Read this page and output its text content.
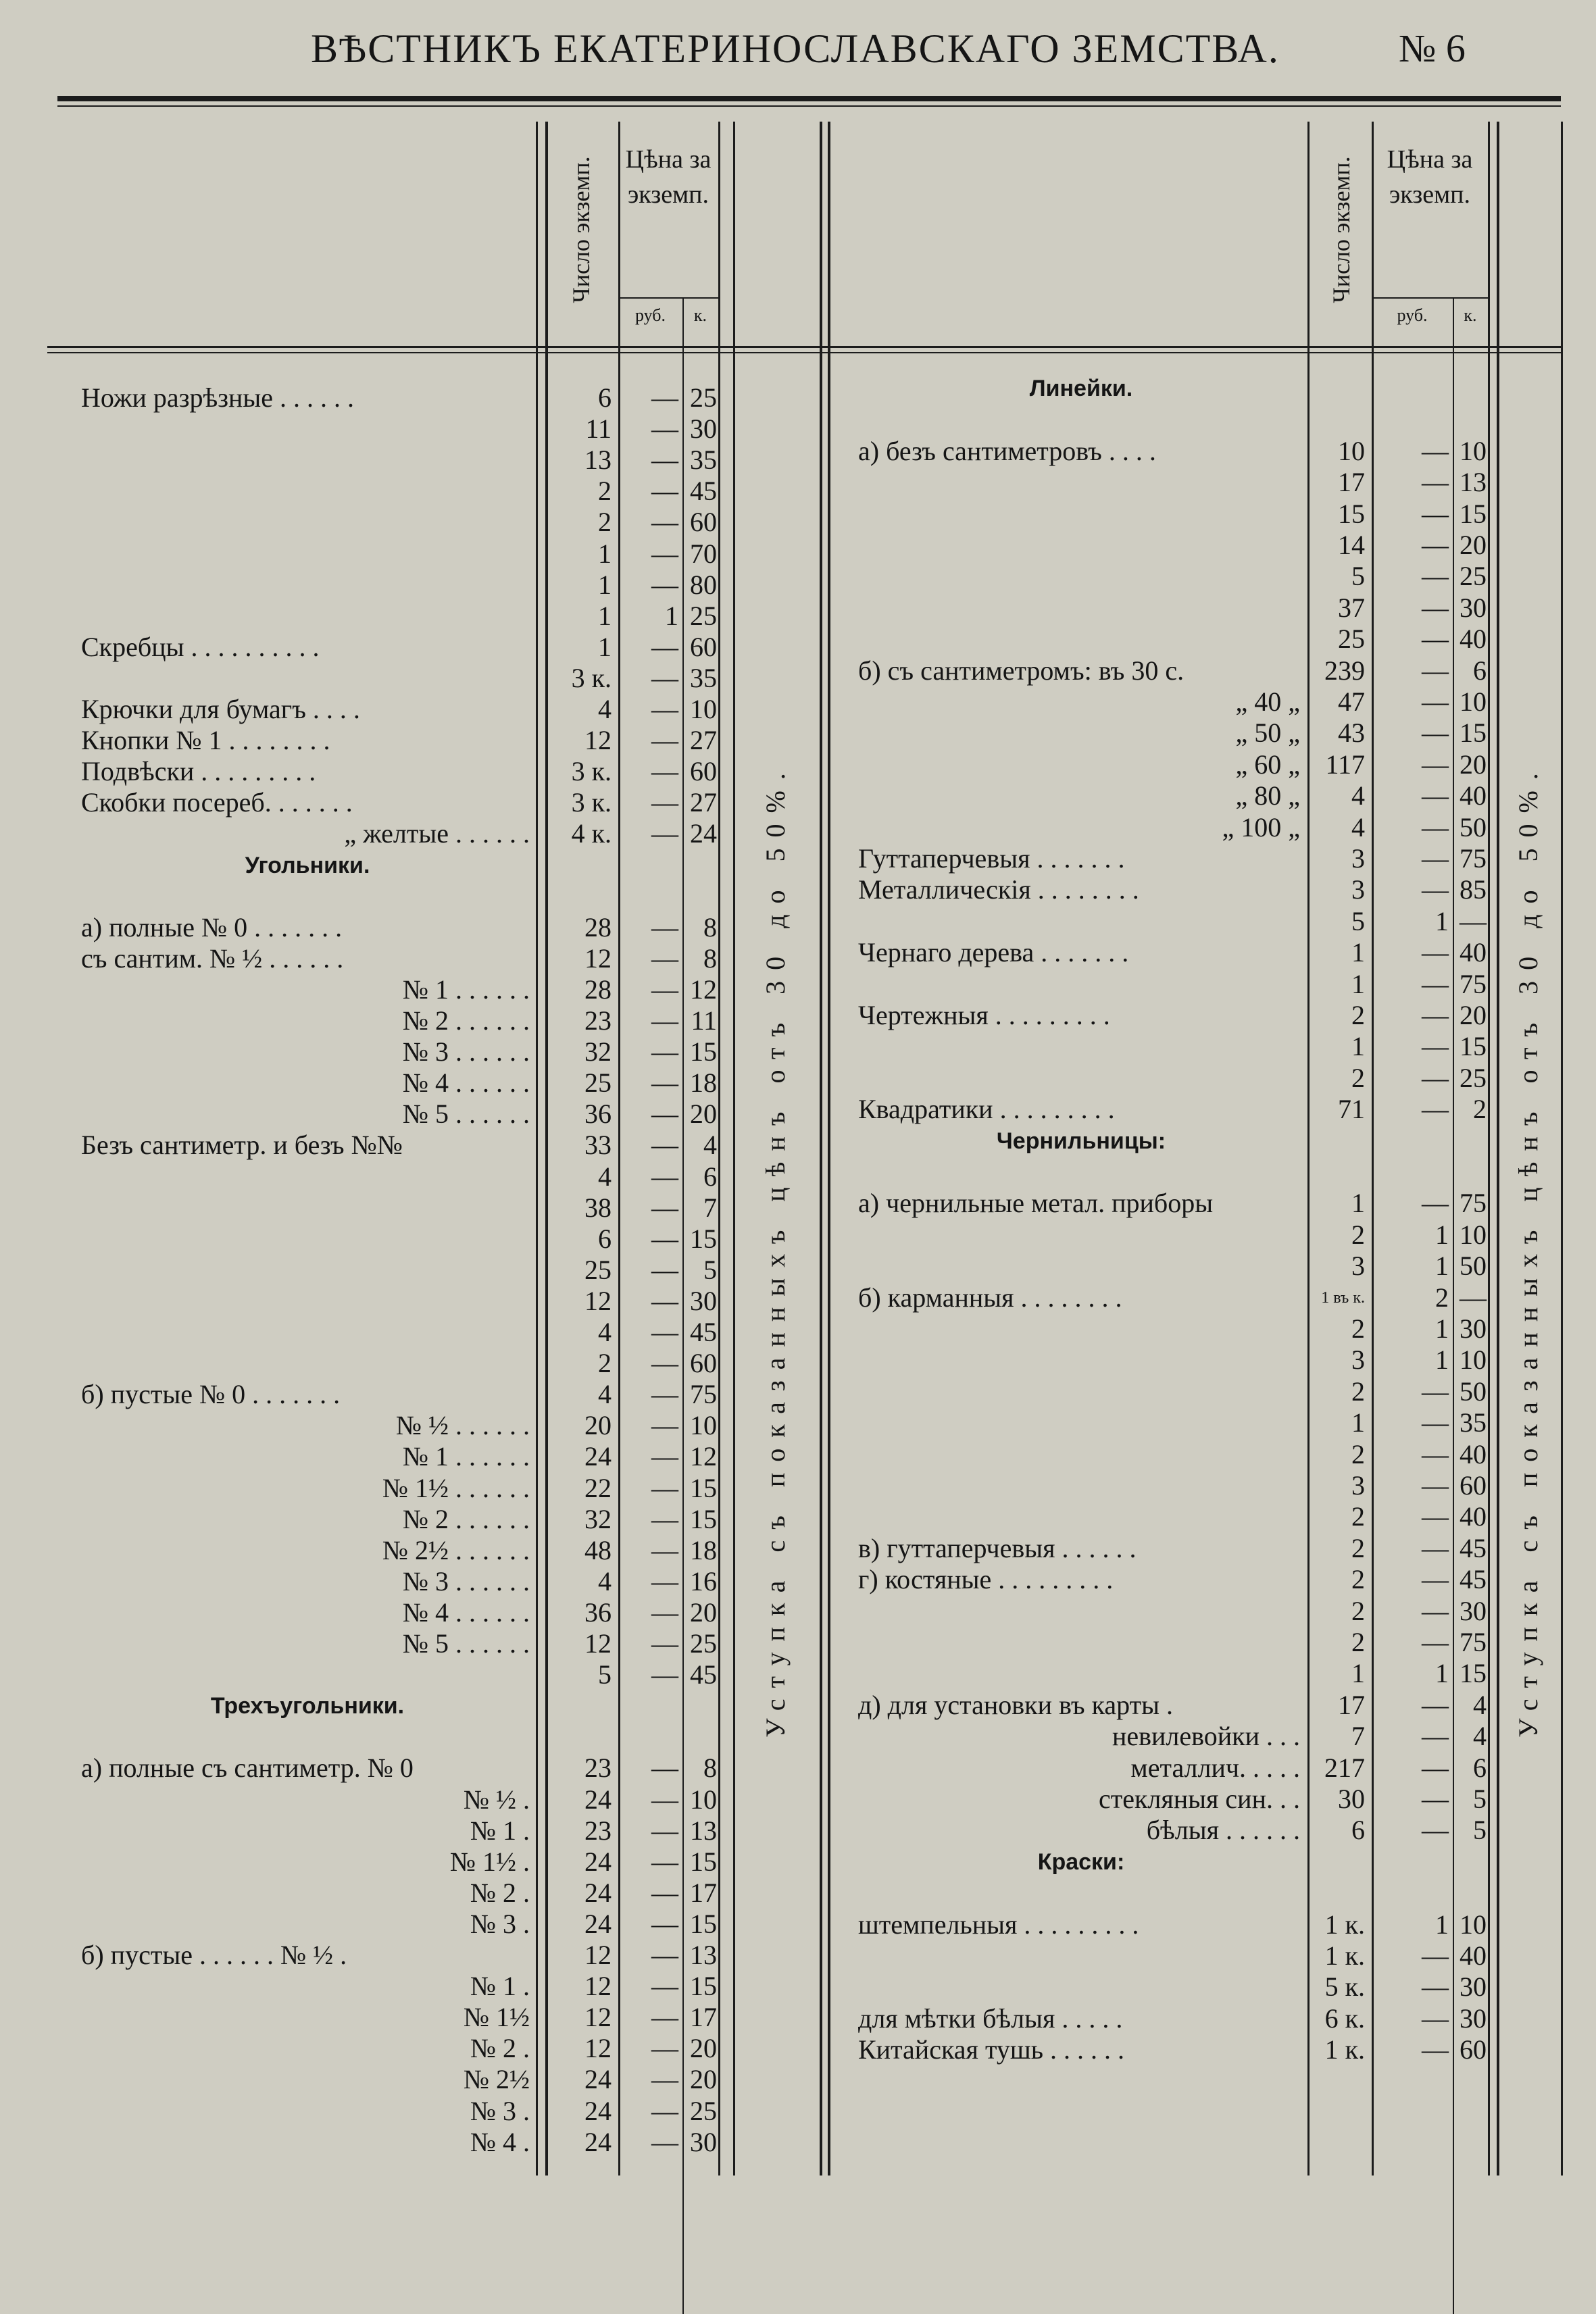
ВѢСТНИКЪ ЕКАТЕРИНОСЛАВСКАГО ЗЕМСТВА.	№ 6
Число экземп. Цѣна за экземп.
руб.	к.
Уступка съ показанныхъ цѣнъ отъ 30 до 50%.
Ножи разрѣзные . . . . . .	6	— 25
11	— 30
13	— 35
2	— 45
2	— 60
1	— 70
1	— 80
1	1 25
Скребцы . . . . . . . . . .	1	— 60
3 к.	— 35
Крючки для бумагъ . . . .	4	— 10
Кнопки № 1 . . . . . . . .	12	— 27
Подвѣски . . . . . . . . .	3 к.	— 60
Скобки посереб. . . . . . .	3 к.	— 27
„ желтые . . . . . .	4 к.	— 24
Угольники.
а) полные № 0 . . . . . . .	28	— 8
съ сантим. № ½ . . . . . .	12	— 8
№ 1 . . . . . .	28	— 12
№ 2 . . . . . .	23	— 11
№ 3 . . . . . .	32	— 15
№ 4 . . . . . .	25	— 18
№ 5 . . . . . .	36	— 20
Безъ сантиметр. и безъ №№	33	— 4
4	— 6
38	— 7
6	— 15
25	— 5
12	— 30
4	— 45
2	— 60
б) пустые № 0 . . . . . . .	4	— 75
№ ½ . . . . . .	20	— 10
№ 1 . . . . . .	24	— 12
№ 1½ . . . . . .	22	— 15
№ 2 . . . . . .	32	— 15
№ 2½ . . . . . .	48	— 18
№ 3 . . . . . .	4	— 16
№ 4 . . . . . .	36	— 20
№ 5 . . . . . .	12	— 25
5	— 45
Трехъугольники.
а) полные съ сантиметр. № 0	23	— 8
№ ½ .	24	— 10
№ 1 .	23	— 13
№ 1½ .	24	— 15
№ 2 .	24	— 17
№ 3 .	24	— 15
б) пустые . . . . . . № ½ .	12	— 13
№ 1 .	12	— 15
№ 1½	12	— 17
№ 2 .	12	— 20
№ 2½	24	— 20
№ 3 .	24	— 25
№ 4 .	24	— 30
Число экземп.	Цѣна за экземп.
руб.	к.
Уступка съ показанныхъ цѣнъ отъ 30 до 50%.
Линейки.
а) безъ сантиметровъ . . . .	10	— 10
17	— 13
15	— 15
14	— 20
5	— 25
37	— 30
25	— 40
б) съ сантиметромъ: въ 30 с.	239	— 6
„ 40 „	47	— 10
„ 50 „	43	— 15
„ 60 „ 117	— 20
„ 80 „	4	— 40
„ 100 „	4	— 50
Гуттаперчевыя . . . . . . .	3	— 75
Металлическія . . . . . . . .	3	— 85
5	1 —
Чернаго дерева . . . . . . .	1	— 40
1	— 75
Чертежныя . . . . . . . . .	2	— 20
1	— 15
2	— 25
Квадратики . . . . . . . . .	71	— 2
Чернильницы:
а) чернильные метал. приборы	1	— 75
2	1 10
3	1 50
б) карманныя . . . . . . . .	1 въ к.	2 —
2	1 30
3	1 10
2	— 50
1	— 35
2	— 40
3	— 60
2	— 40
в) гуттаперчевыя . . . . . .	2	— 45
г) костяные . . . . . . . . .	2	— 45
2	— 30
2	— 75
1	1 15
д) для установки въ карты .	17	— 4
невилевойки . . .	7	— 4
металлич. . . . . 217	— 6
стекляныя син. . .	30	— 5
бѣлыя . . . . . .	6	— 5
Краски:
штемпельныя . . . . . . . . .	1 к.	1 10
1 к.	— 40
5 к.	— 30
для мѣтки бѣлыя . . . . .	6 к.	— 30
Китайская тушь . . . . . .	1 к.	— 60
